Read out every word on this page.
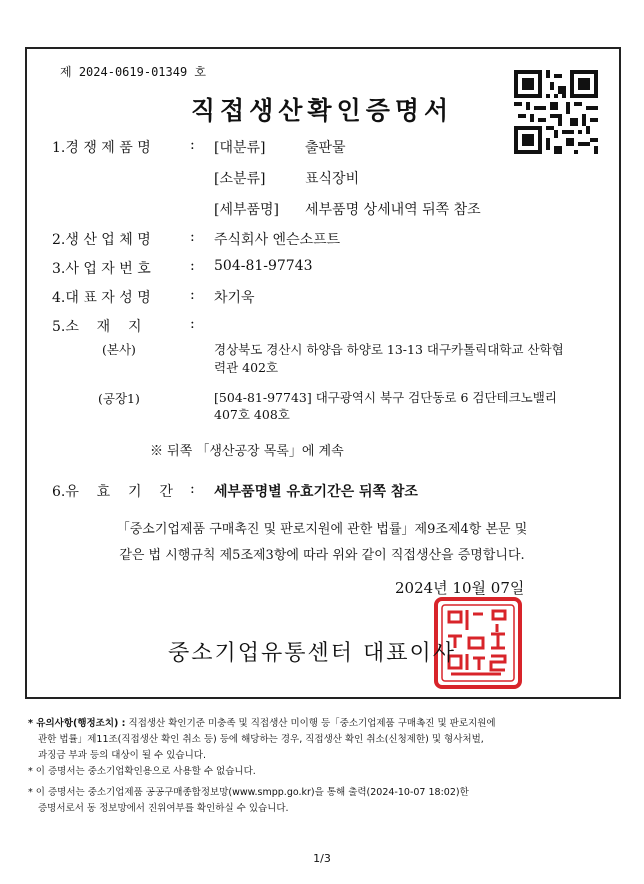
제 2024-0619-01349 호
직접생산확인증명서
1.경 쟁 제 품 명	: [대분류]	출판물
[소분류]	표식장비
[세부품명] 세부품명 상세내역 뒤쪽 참조
2.생 산 업 체 명	: 주식회사 엔슨소프트
3.사 업 자 번 호	: 504-81-97743
4.대 표 자 성 명	: 차기욱
5.소    재    지	:
(본사)	경상북도 경산시 하양읍 하양로 13-13 대구카톨릭대학교 산학협
력관 402호
(공장1)	[504-81-97743] 대구광역시 북구 검단동로 6 검단테크노밸리
407호 408호
※ 뒤쪽 「생산공장 목록」에 계속
6.유    효    기    간 : 세부품명별 유효기간은 뒤쪽 참조
「중소기업제품 구매촉진 및 판로지원에 관한 법률」제9조제4항 본문 및
같은 법 시행규칙 제5조제3항에 따라 위와 같이 직접생산을 증명합니다.
2024년 10월 07일
중소기업유통센터 대표이사
* 유의사항(행정조치) : 직접생산 확인기준 미충족 및 직접생산 미이행 등「중소기업제품 구매촉진 및 판로지원에
관한 법률」제11조(직접생산 확인 취소 등) 등에 해당하는 경우, 직접생산 확인 취소(신청제한) 및 형사처벌,
과징금 부과 등의 대상이 될 수 있습니다.
* 이 증명서는 중소기업확인용으로 사용할 수 없습니다.
* 이 증명서는 중소기업제품 공공구매종합정보망(www.smpp.go.kr)을 통해 출력(2024-10-07 18:02)한
증명서로서 동 정보망에서 진위여부를 확인하실 수 있습니다.
1/3
